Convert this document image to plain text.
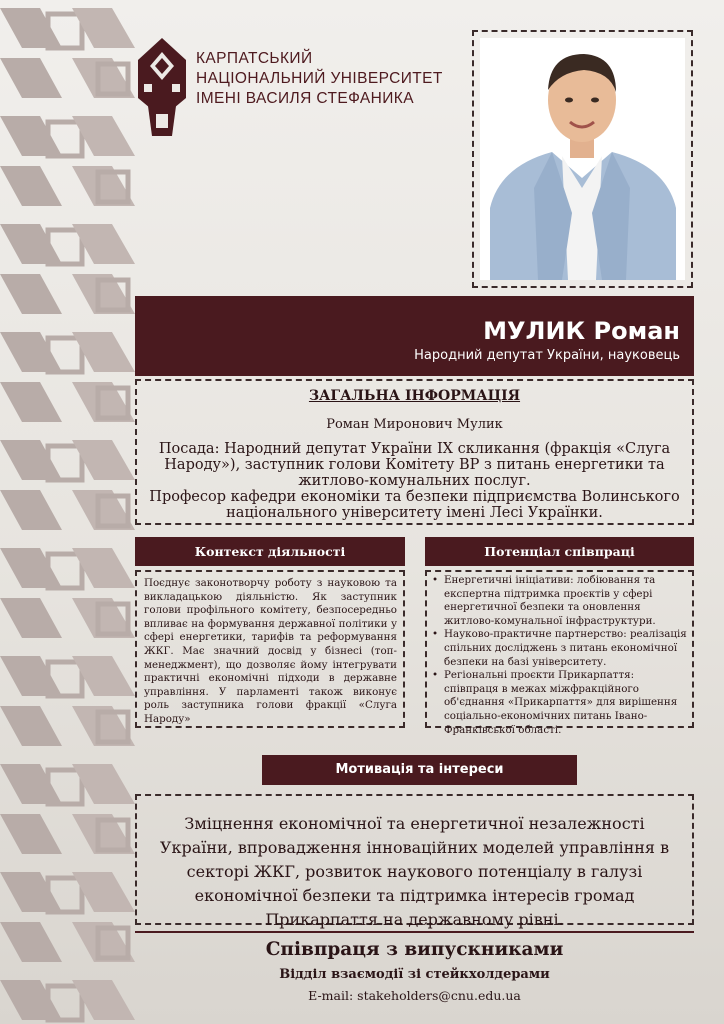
КАРПАТСЬКИЙ
НАЦІОНАЛЬНИЙ УНІВЕРСИТЕТ
ІМЕНІ ВАСИЛЯ СТЕФАНИКА
МУЛИК Роман
Народний депутат України, науковець
ЗАГАЛЬНА ІНФОРМАЦІЯ
Роман Миронович Мулик
Посада: Народний депутат України IX скликання (фракція «Слуга Народу»), заступник голови Комітету ВР з питань енергетики та житлово-комунальних послуг.
Професор кафедри економіки та безпеки підприємства Волинського національного університету імені Лесі Українки.
Контекст діяльності
Поєднує законотворчу роботу з науковою та викладацькою діяльністю. Як заступник голови профільного комітету, безпосередньо впливає на формування державної політики у сфері енергетики, тарифів та реформування ЖКГ. Має значний досвід у бізнесі (топ-менеджмент), що дозволяє йому інтегрувати практичні економічні підходи в державне управління. У парламенті також виконує роль заступника голови фракції «Слуга Народу»
Потенціал співпраці
• Енергетичні ініціативи: лобіювання та експертна підтримка проєктів у сфері енергетичної безпеки та оновлення житлово-комунальної інфраструктури.
• Науково-практичне партнерство: реалізація спільних досліджень з питань економічної безпеки на базі університету.
• Регіональні проєкти Прикарпаття: співпраця в межах міжфракційного об'єднання «Прикарпаття» для вирішення соціально-економічних питань Івано-Франківської області.
Мотивація та інтереси
Зміцнення економічної та енергетичної незалежності України, впровадження інноваційних моделей управління в секторі ЖКГ, розвиток наукового потенціалу в галузі економічної безпеки та підтримка інтересів громад Прикарпаття на державному рівні.
Співпраця з випускниками
Відділ взаємодії зі стейкхолдерами
E-mail: stakeholders@cnu.edu.ua
